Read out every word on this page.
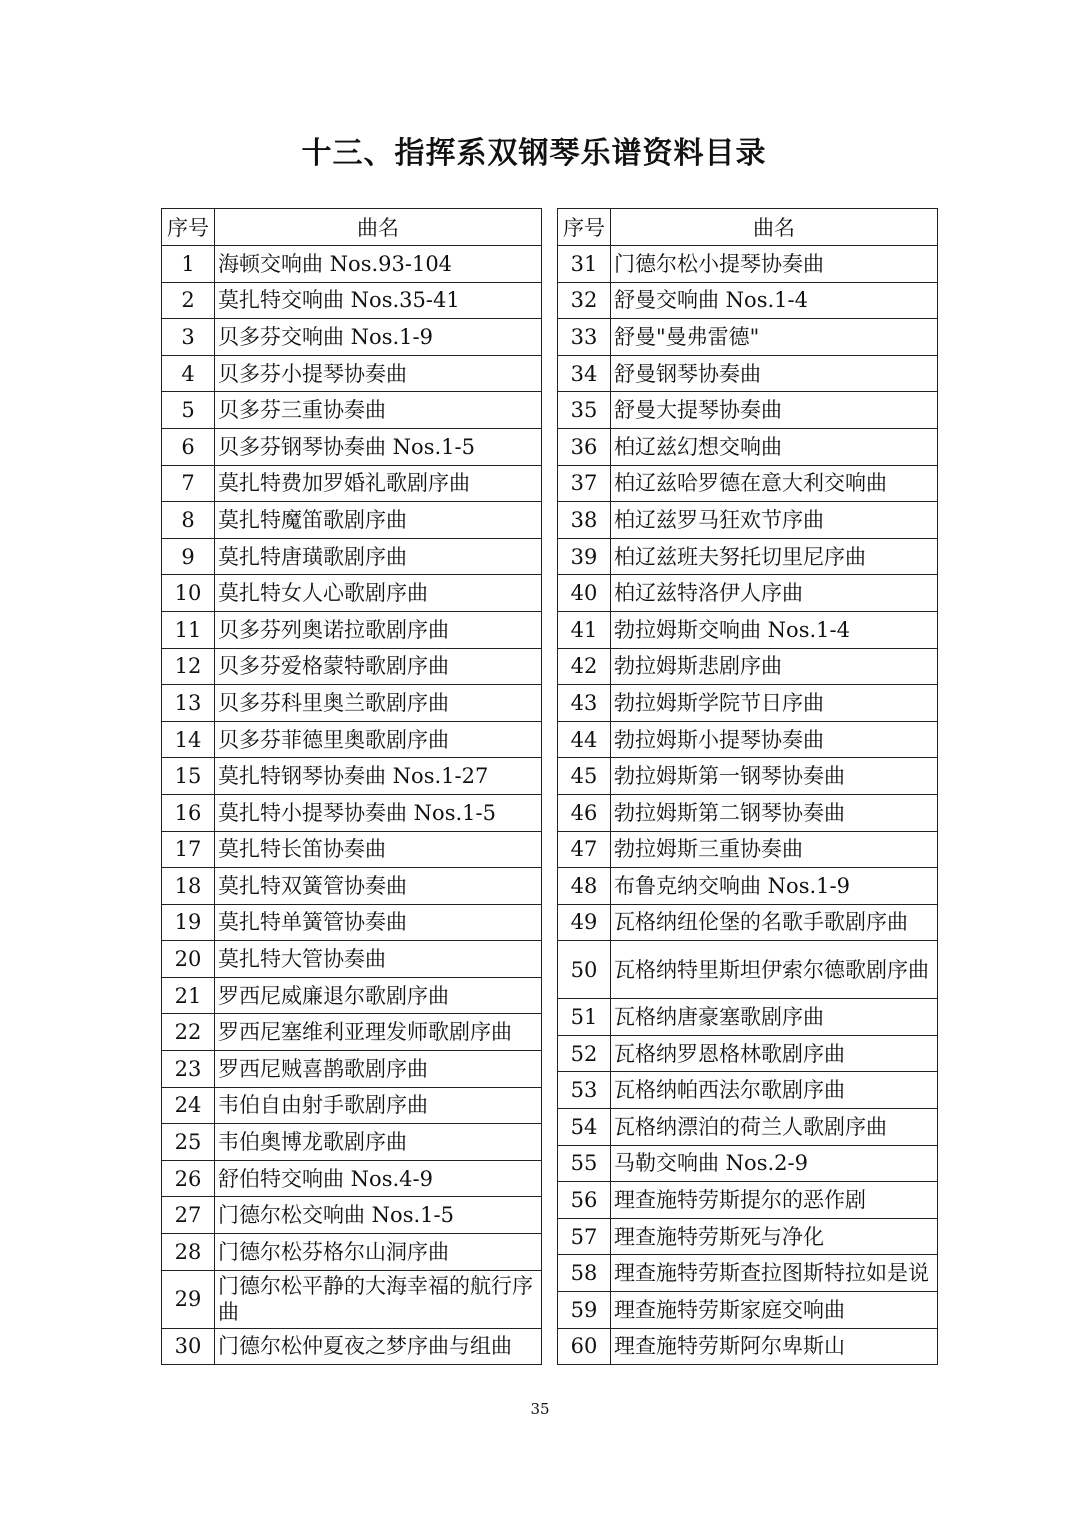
十三、指挥系双钢琴乐谱资料目录
序号	曲名
1	海顿交响曲 Nos.93-104
2	莫扎特交响曲 Nos.35-41
3	贝多芬交响曲 Nos.1-9
4	贝多芬小提琴协奏曲
5	贝多芬三重协奏曲
6	贝多芬钢琴协奏曲 Nos.1-5
7	莫扎特费加罗婚礼歌剧序曲
8	莫扎特魔笛歌剧序曲
9	莫扎特唐璜歌剧序曲
10	莫扎特女人心歌剧序曲
11	贝多芬列奥诺拉歌剧序曲
12	贝多芬爱格蒙特歌剧序曲
13	贝多芬科里奥兰歌剧序曲
14	贝多芬菲德里奥歌剧序曲
15	莫扎特钢琴协奏曲 Nos.1-27
16	莫扎特小提琴协奏曲 Nos.1-5
17	莫扎特长笛协奏曲
18	莫扎特双簧管协奏曲
19	莫扎特单簧管协奏曲
20	莫扎特大管协奏曲
21	罗西尼威廉退尔歌剧序曲
22	罗西尼塞维利亚理发师歌剧序曲
23	罗西尼贼喜鹊歌剧序曲
24	韦伯自由射手歌剧序曲
25	韦伯奥博龙歌剧序曲
26	舒伯特交响曲 Nos.4-9
27	门德尔松交响曲 Nos.1-5
28	门德尔松芬格尔山洞序曲
29	门德尔松平静的大海幸福的航行序曲
30	门德尔松仲夏夜之梦序曲与组曲
序号	曲名
31	门德尔松小提琴协奏曲
32	舒曼交响曲 Nos.1-4
33	舒曼"曼弗雷德"
34	舒曼钢琴协奏曲
35	舒曼大提琴协奏曲
36	柏辽兹幻想交响曲
37	柏辽兹哈罗德在意大利交响曲
38	柏辽兹罗马狂欢节序曲
39	柏辽兹班夫努托切里尼序曲
40	柏辽兹特洛伊人序曲
41	勃拉姆斯交响曲 Nos.1-4
42	勃拉姆斯悲剧序曲
43	勃拉姆斯学院节日序曲
44	勃拉姆斯小提琴协奏曲
45	勃拉姆斯第一钢琴协奏曲
46	勃拉姆斯第二钢琴协奏曲
47	勃拉姆斯三重协奏曲
48	布鲁克纳交响曲 Nos.1-9
49	瓦格纳纽伦堡的名歌手歌剧序曲
50	瓦格纳特里斯坦伊索尔德歌剧序曲
51	瓦格纳唐豪塞歌剧序曲
52	瓦格纳罗恩格林歌剧序曲
53	瓦格纳帕西法尔歌剧序曲
54	瓦格纳漂泊的荷兰人歌剧序曲
55	马勒交响曲 Nos.2-9
56	理查施特劳斯提尔的恶作剧
57	理查施特劳斯死与净化
58	理查施特劳斯查拉图斯特拉如是说
59	理查施特劳斯家庭交响曲
60	理查施特劳斯阿尔卑斯山
35
